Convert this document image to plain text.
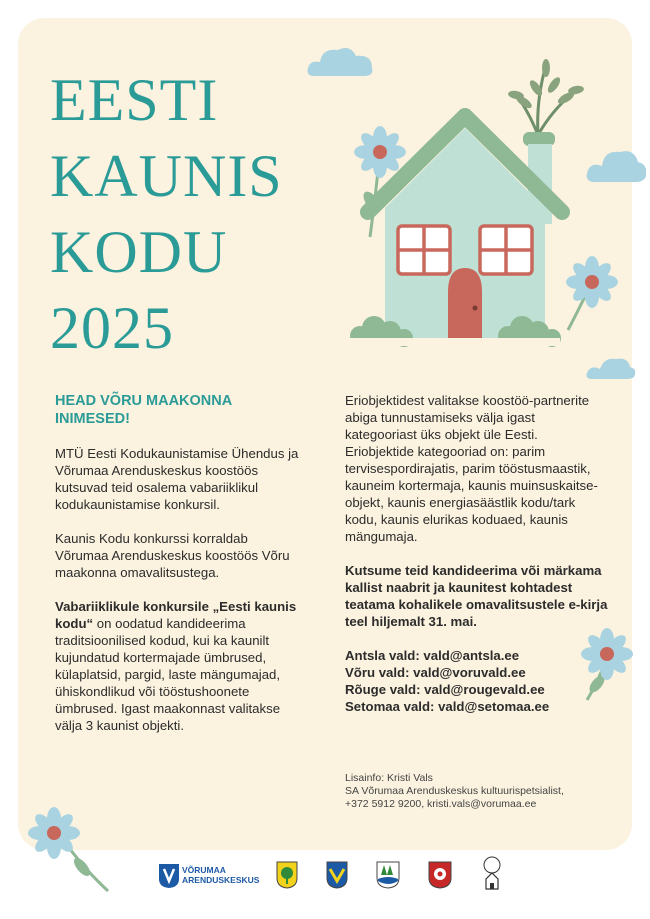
EESTI
KAUNIS
KODU
2025

HEAD VÕRU MAAKONNA INIMESED!

MTÜ Eesti Kodukaunistamise Ühendus ja Võrumaa Arenduskeskus koostöös kutsuvad teid osalema vabariiklikul kodukaunistamise konkursil.

Kaunis Kodu konkurssi korraldab Võrumaa Arenduskeskus koostöös Võru maakonna omavalitsustega.

Vabariiklikule konkursile „Eesti kaunis kodu“ on oodatud kandideerima traditsioonilised kodud, kui ka kaunilt kujundatud kortermajade ümbrused, külaplatsid, pargid, laste mängumajad, ühiskondlikud või tööstushoonete ümbrused. Igast maakonnast valitakse välja 3 kaunist objekti.

Eriobjektidest valitakse koostöö-partnerite abiga tunnustamiseks välja igast kategooriast üks objekt üle Eesti. Eriobjektide kategooriad on: parim tervisespordirajatis, parim tööstusmaastik, kauneim kortermaja, kaunis muinsuskaitse-objekt, kaunis energiasäästlik kodu/tark kodu, kaunis elurikas koduaed, kaunis mängumaja.

Kutsume teid kandideerima või märkama kallist naabrit ja kaunitest kohtadest teatama kohalikele omavalitsustele e-kirja teel hiljemalt 31. mai.

Antsla vald: vald@antsla.ee

Võru vald: vald@voruvald.ee

Rõuge vald: vald@rougevald.ee

Setomaa vald: vald@setomaa.ee

Lisainfo: Kristi Vals

SA Võrumaa Arenduskeskus kultuurispetsialist,

+372 5912 9200, kristi.vals@vorumaa.ee

VÕRUMAA
ARENDUSKESKUS
